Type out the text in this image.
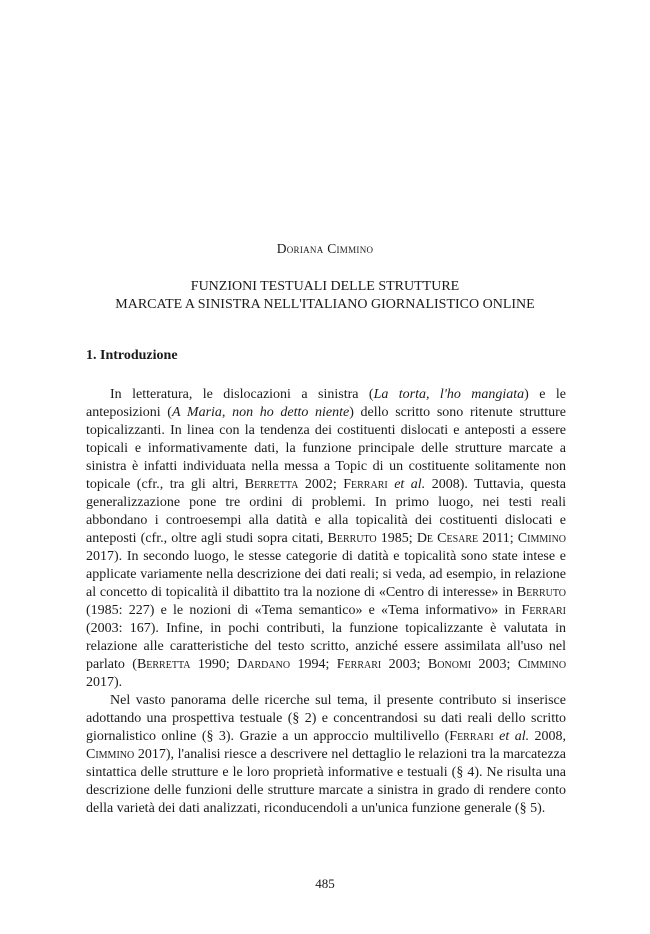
Doriana Cimmino
FUNZIONI TESTUALI DELLE STRUTTURE
MARCATE A SINISTRA NELL'ITALIANO GIORNALISTICO ONLINE
1. Introduzione

In letteratura, le dislocazioni a sinistra (La torta, l'ho mangiata) e le anteposizioni (A Maria, non ho detto niente) dello scritto sono ritenute strutture topicalizzanti. In linea con la tendenza dei costituenti dislocati e anteposti a essere topicali e informativamente dati, la funzione principale delle strutture marcate a sinistra è infatti individuata nella messa a Topic di un costituente solitamente non topicale (cfr., tra gli altri, Berretta 2002; Ferrari et al. 2008). Tuttavia, questa generalizzazione pone tre ordini di problemi. In primo luogo, nei testi reali abbondano i controesempi alla datità e alla topicalità dei costituenti dislocati e anteposti (cfr., oltre agli studi sopra citati, Berruto 1985; De Cesare 2011; Cimmino 2017). In secondo luogo, le stesse categorie di datità e topicalità sono state intese e applicate variamente nella descrizione dei dati reali; si veda, ad esempio, in relazione al concetto di topicalità il dibattito tra la nozione di «Centro di interesse» in Berruto (1985: 227) e le nozioni di «Tema semantico» e «Tema informativo» in Ferrari (2003: 167). Infine, in pochi contributi, la funzione topicalizzante è valutata in relazione alle caratteristiche del testo scritto, anziché essere assimilata all'uso nel parlato (Berretta 1990; Dardano 1994; Ferrari 2003; Bonomi 2003; Cimmino 2017).

Nel vasto panorama delle ricerche sul tema, il presente contributo si inserisce adottando una prospettiva testuale (§ 2) e concentrandosi su dati reali dello scritto giornalistico online (§ 3). Grazie a un approccio multilivello (Ferrari et al. 2008, Cimmino 2017), l'analisi riesce a descrivere nel dettaglio le relazioni tra la marcatezza sintattica delle strutture e le loro proprietà informative e testuali (§ 4). Ne risulta una descrizione delle funzioni delle strutture marcate a sinistra in grado di rendere conto della varietà dei dati analizzati, riconducendoli a un'unica funzione generale (§ 5).

485
